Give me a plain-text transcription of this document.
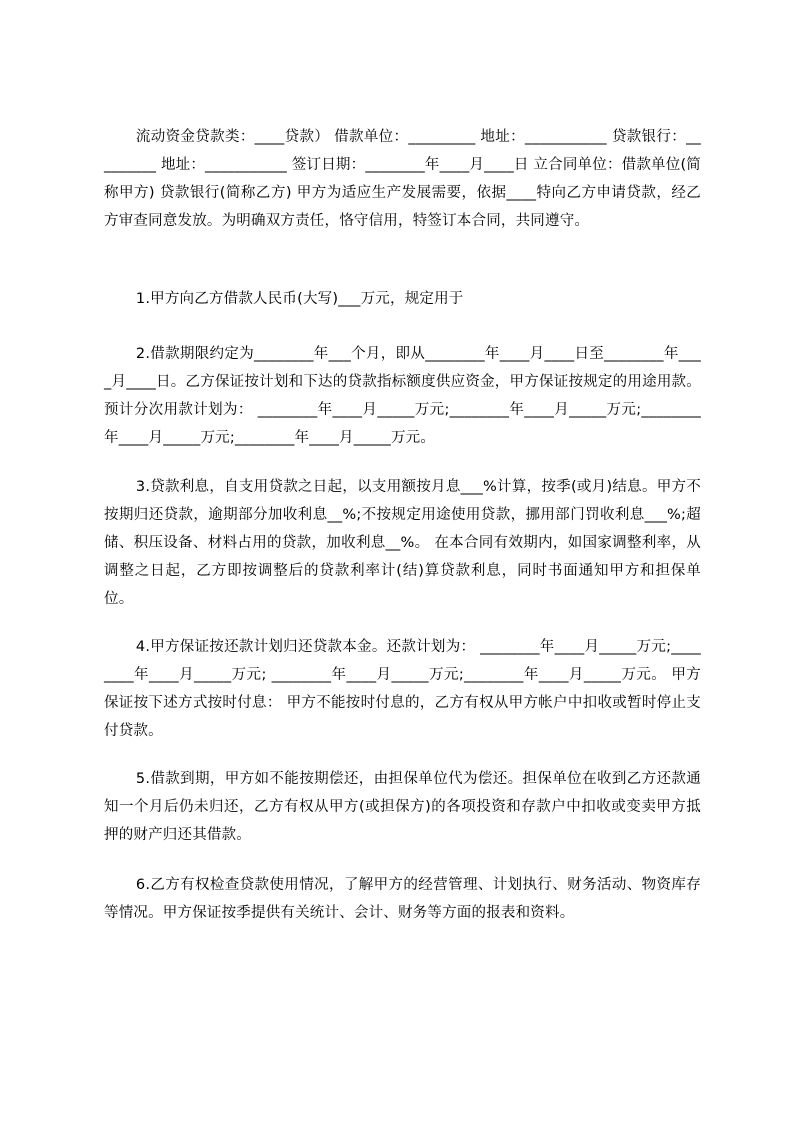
流动资金贷款类：____贷款） 借款单位：_________ 地址：___________ 贷款银行：_________ 地址：___________ 签订日期：________年____月____日 立合同单位：借款单位(简称甲方) 贷款银行(简称乙方) 甲方为适应生产发展需要，依据____特向乙方申请贷款，经乙方审查同意发放。为明确双方责任，恪守信用，特签订本合同，共同遵守。

1.甲方向乙方借款人民币(大写)___万元，规定用于

2.借款期限约定为________年___个月，即从________年____月____日至________年____月____日。乙方保证按计划和下达的贷款指标额度供应资金，甲方保证按规定的用途用款。预计分次用款计划为： ________年____月_____万元;________年____月_____万元;________年____月_____万元;________年____月_____万元。

3.贷款利息，自支用贷款之日起，以支用额按月息___%计算，按季(或月)结息。甲方不按期归还贷款，逾期部分加收利息__%;不按规定用途使用贷款，挪用部门罚收利息___%;超储、积压设备、材料占用的贷款，加收利息__%。 在本合同有效期内，如国家调整利率，从调整之日起，乙方即按调整后的贷款利率计(结)算贷款利息，同时书面通知甲方和担保单位。

4.甲方保证按还款计划归还贷款本金。还款计划为： ________年____月_____万元;________年____月_____万元; ________年____月_____万元;________年____月_____万元。 甲方保证按下述方式按时付息： 甲方不能按时付息的，乙方有权从甲方帐户中扣收或暂时停止支付贷款。

5.借款到期，甲方如不能按期偿还，由担保单位代为偿还。担保单位在收到乙方还款通知一个月后仍未归还，乙方有权从甲方(或担保方)的各项投资和存款户中扣收或变卖甲方抵押的财产归还其借款。

6.乙方有权检查贷款使用情况，了解甲方的经营管理、计划执行、财务活动、物资库存等情况。甲方保证按季提供有关统计、会计、财务等方面的报表和资料。
